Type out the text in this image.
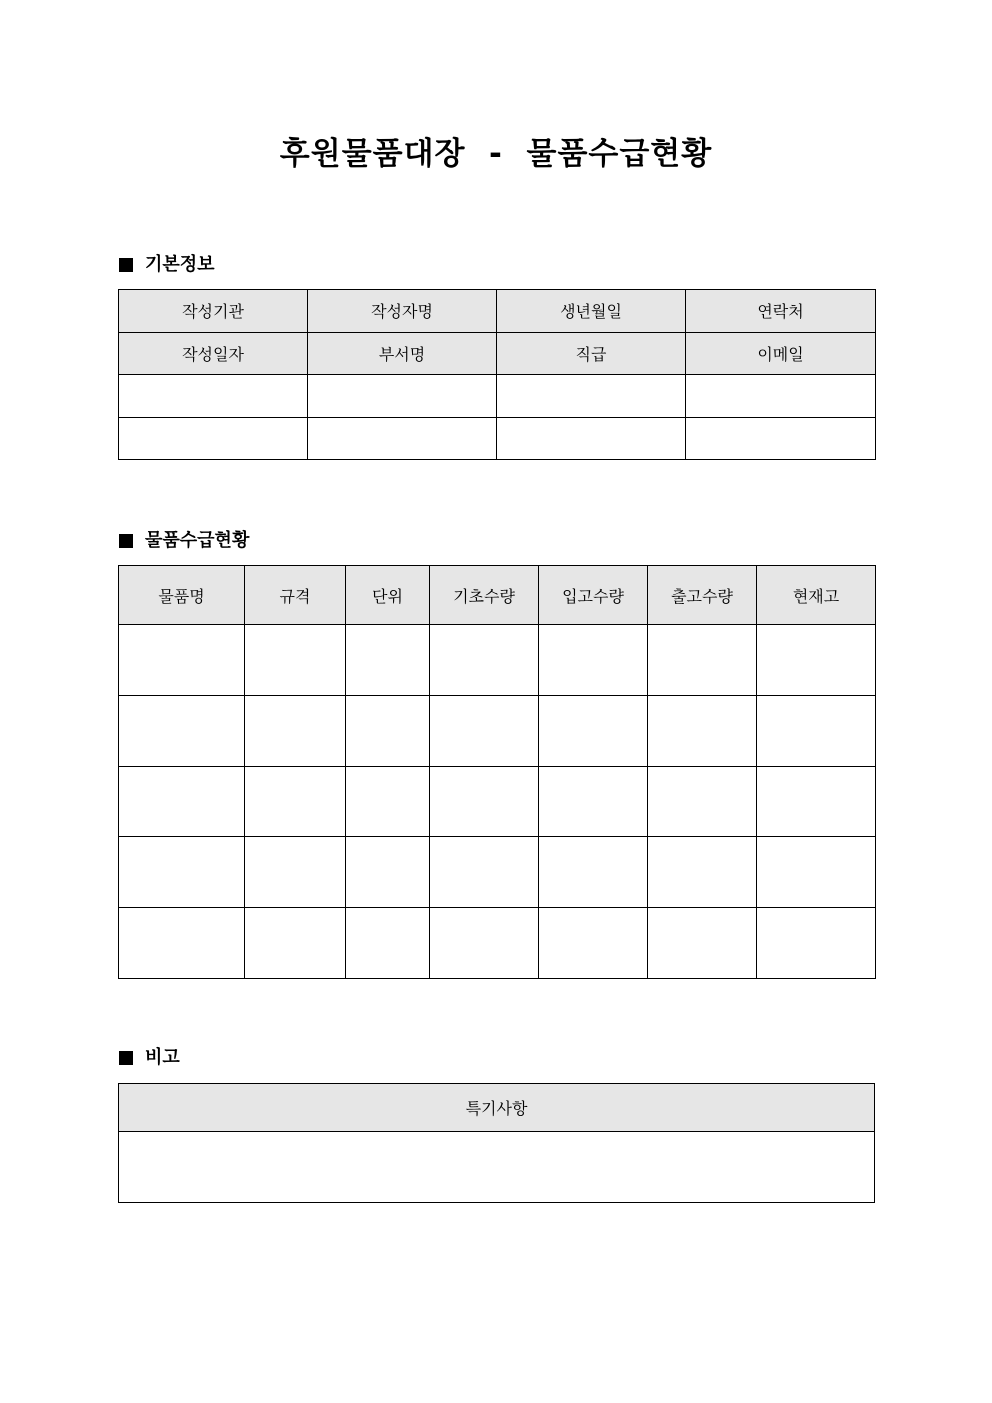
후원물품대장  -  물품수급현황
기본정보
작성기관	작성자명	생년월일	연락처
작성일자	부서명	직급	이메일

물품수급현황
물품명	규격	단위	기초수량	입고수량	출고수량	현재고

비고
특기사항
